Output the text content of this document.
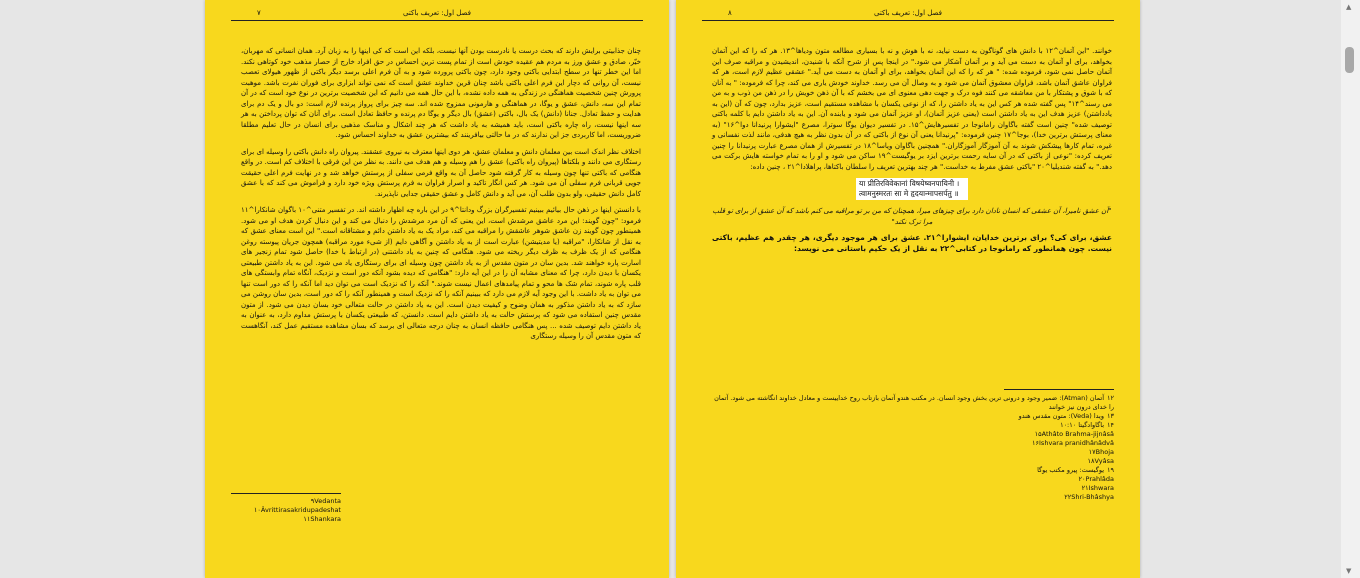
۷	فصل اول: تعریف باکتی

چنان جذابیتی برایش دارند که بحث درست یا نادرست بودن آنها نیست، بلکه این است که کی اینها را به زبان آرد. همان انسانی که مهربان، خیّر، صادق و عشق ورز به مردم هم عقیده خودش است از تمام پست ترین احساس در حق افراد خارج از حصار مذهب خود کوتاهی نکند. اما این خطر تنها در سطح ابتدایی باکتی وجود دارد، چون باکتی پرورده شود و به آن فرم اعلی برسد دیگر باکتی از ظهور هیولای تعصب نیست، آن روانی که دچار این فرم اعلی باکتی باشد چنان قرین خداوند عشق است که نمی تواند ابزاری برای فوران نفرت باشد. موهبت پرورش چنین شخصیت هماهنگی در زندگی به همه داده نشده، با این حال همه می دانیم که این شخصیت برترین در نوع خود است که در آن تمام این سه، دانش، عشق و یوگا، در هماهنگی و هارمونی ممزوج شده اند. سه چیز برای پرواز پرنده لازم است: دو بال و یک دم برای هدایت و حفظ تعادل. جنانا (دانش) یک بال، باکتی (عشق) بال دیگر و یوگا دم پرنده و حافظ تعادل است. برای آنان که توان پرداختن به هر سه اینها نیست، راه چاره باکتی است، باید همیشه به یاد داشت که هر چند اشکال و مناسک مذهبی برای انسان در حال تعلیم مطلقا ضروریست، اما کاربردی جز این ندارند که در ما حالتی بیافرینند که بیشترین عشق به خداوند احساس شود.

اختلاف نظر اندک است بین معلمان دانش و معلمان عشق، هر دوی اینها معترف به نیروی عشقند. پیروان راه دانش باکتی را وسیله ای برای رستگاری می دانند و بلکتاها (پیروان راه باکتی) عشق را هم وسیله و هم هدف می دانند. به نظر من این فرقی با اختلاف کم است. در واقع هنگامی که باکتی تنها چون وسیله به کار گرفته شود حاصل آن به واقع فرمی سفلی از پرستش خواهد شد و در نهایت فرم اعلی حقیقت جویی قربانی فرم سفلی آن می شود. هر کس انگار تاکید و اصرار فراوان به فرم پرستش ویژه خود دارد و فراموش می کند که با عشق کامل دانش حقیقی، ولو بدون طلب آن، می آید و دانش کامل و عشق حقیقی جدایی ناپذیرند.

با دانستن اینها در ذهن حال بیائیم ببینیم تفسیرگران بزرگ ودانتا^۹ در این باره چه اظهار داشته اند. در تفسیر متنی^۱۰ باگوان شانکارا^۱۱ فرمود: "چون گویند: این مرد عاشق مرشدش است، این یعنی که آن مرد مرشدش را دنبال می کند و این دنبال کردن هدف او می شود. همینطور چون گویند زن عاشق شوهر عاشقش را مراقبه می کند، مراد یک به یاد داشتن دائم و مشتاقانه است." این است معنای عشق که به نقل از شانکارا، "مراقبه (یا مدیتیشن) عبارت است از به یاد داشتن و آگاهی دایم (از شیء مورد مراقبه) همچون جریان پیوسته روغن هنگامی که از یک ظرف به ظرف دیگر ریخته می شود. هنگامی که چنین به یاد داشتنی (در ارتباط با خدا) حاصل شود تمام زنجیر های اسارت پاره خواهند شد. بدین سان در متون مقدس از به یاد داشتن چون وسیله ای برای رستگاری یاد می شود. این به یاد داشتن طبیعتی یکسان با دیدن دارد، چرا که معنای مشابه آن را در این آیه دارد: "هنگامی که دیده بشود آنکه دور است و نزدیک، آنگاه تمام وابستگی های قلب پاره شوند، تمام شک ها محو و تمام پیامدهای اعمال نیست شوند." آنکه را که نزدیک است می توان دید اما آنکه را که دور است تنها می توان به یاد داشت. با این وجود آیه لازم می دارد که ببینیم آنکه را که نزدیک است و همینطور آنکه را که دور است، بدین سان روشن می سازد که به یاد داشتن مذکور به همان وضوح و کیفیت دیدن است. این به یاد داشتن در حالت متعالی خود بسان دیدن می شود. از متون مقدس چنین استفاده می شود که پرستش حالت به یاد داشتن دایم است. دانستن، که طبیعتی یکسان با پرستش مداوم دارد، به عنوان به یاد داشتن دایم توصیف شده ... پس هنگامی حافظه انسان به چنان درجه متعالی ای برسد که بسان مشاهده مستقیم عمل کند، آنگاهست که متون مقدس آن را وسیله رستگاری

۹Vedanta
۱۰Âvrittirasakridupadeshat
۱۱Shankara
۸	فصل اول: تعریف باکتی

خوانند. "این آتمان^۱۲ با دانش های گوناگون به دست نیاید، نه با هوش و نه با بسیاری مطالعه متون ودیاها^۱۳. هر که را که این آتمان بخواهد، برای او آتمان به دست می آید و بر آتمان آشکار می شود." در اینجا پس از شرح آنکه با شنیدن، اندیشیدن و مراقبه صرف این آتمان حاصل نمی شود، فرموده شده: " هر که را که این آتمان بخواهد، برای او آتمان به دست می آید." عشقی عظیم لازم است، هر که فراوان عاشق آتمان باشد، فراوان معشوق آتمان می شود و به وصال آن می رسد. خداوند خودش یاری می کند، چرا که فرموده: " به آنان که با شوق و پشتکار با من معاشقه می کنند فوه درک و جهت دهی معنوی ای می بخشم که با آن ذهن خویش را در ذهن من ذوب و به من می رسند^۱۴" پس گفته شده هر کس این به یاد داشتن را، که از نوعی یکسان با مشاهده مستقیم است، عزیز بدارد، چون که آن (این به یادداشتن) عزیز هدف این به یاد داشتن است (یعنی عزیز آتمان)، او عزیز آتمان می شود و یابنده آن. این به یاد داشتن دایم با کلمه باکتی توصیف شده" چنین است گفته باگاوان رامانوجا در تفسیرهایش^۱۵. در تفسیر دیوان یوگا سوترا، مصرع "ایشوارا پرنیدانا دوا^۱۶" (به معنای پرستش برترین خدا)، بوجا^۱۷ چنین فرموده: "پرنیدانا یعنی آن نوع از باکتی که در آن بدون نظر به هیچ هدفی، مانند لذت نفسانی و غیره، تمام کارها پیشکش شوند به آن آموزگار آموزگاران." همچنین باگاوان ویاسا^۱۸ در تفسیرش از همان مصرع عبارت پرنیدانا را چنین تعریف کرده: "نوعی از باکتی که در آن سایه رحمت برترین ایزد بر یوگیست^۱۹ ساکن می شود و او را به تمام خواسته هایش برکت می دهد." به گفته شندیلیا^۲۰ "باکتی عشق مفرط به خداست." هر چند بهترین تعریف را سلطان باکتاها، پراهلادا^۲۱ ، چنین داده:

या प्रीतिरविवेकानां विषयेष्वनपायिनी ।
त्वामनुस्मरतः सा मे हृदयान्मापसर्पतु ॥

"آن عشق نامیرا، آن عشقی که انسان نادان دارد برای چیزهای میرا، همچنان که من بر تو مراقبه می کنم باشد که آن عشق از برای تو قلب مرا ترک نکند"

عشق، برای کی؟ برای برترین خدایان، ایشوارا^۲۱. عشق برای هر موجود دیگری، هر چقدر هم عظیم، باکتی نیست. چون همانطور که رامانوجا در کتابی^۲۲ به نقل از یک حکیم باستانی می نویسد:

۱۲آتمان (Atman): ضمیر وجود و درونی ترین بخش وجود انسان. در مکتب هندو آتمان بازتاب روح خداییست و معادل خداوند انگاشته می شود. آتمان را خدای درون نیز خوانند
۱۳ویدا (Veda): متون مقدس هندو
۱۴باگاوادگیتا ۱۰:۱۰
۱۵Athâto Brahma-jijnâsâ
۱۶Ishvara pranidhânâdvâ
۱۷Bhoja
۱۸Vyâsa
۱۹یوگیست: پیرو مکتب یوگا
۲۰Prahlâda
۲۱Ishwara
۲۲Shri-Bhâshya
▲
▼
